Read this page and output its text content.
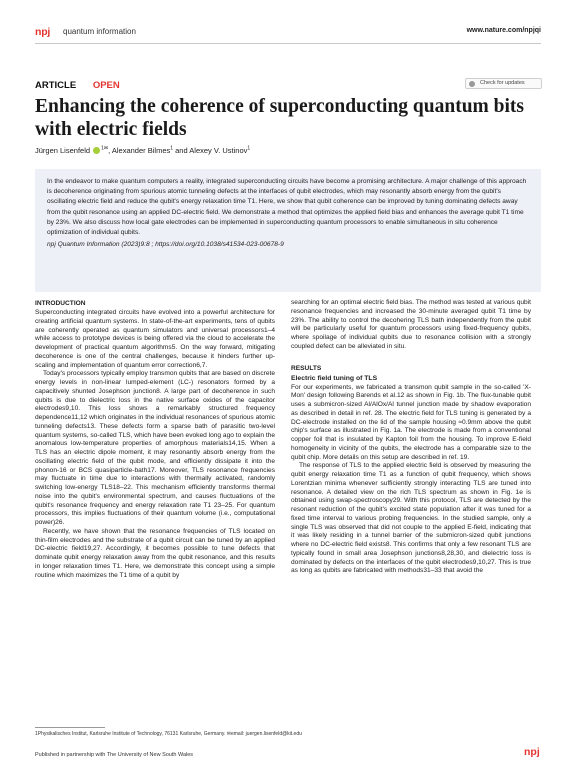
npj quantum information	www.nature.com/npjqi
ARTICLE OPEN	Check for updates
Enhancing the coherence of superconducting quantum bits with electric fields
Jürgen Lisenfeld $^{1✉}$, Alexander Bilmes$^1$ and Alexey V. Ustinov$^1$

In the endeavor to make quantum computers a reality, integrated superconducting circuits have become a promising architecture. A major challenge of this approach is decoherence originating from spurious atomic tunneling defects at the interfaces of qubit electrodes, which may resonantly absorb energy from the qubit's oscillating electric field and reduce the qubit's energy relaxation time T1. Here, we show that qubit coherence can be improved by tuning dominating defects away from the qubit resonance using an applied DC-electric field. We demonstrate a method that optimizes the applied field bias and enhances the average qubit T1 time by 23%. We also discuss how local gate electrodes can be implemented in superconducting quantum processors to enable simultaneous in situ coherence optimization of individual qubits.

npj Quantum Information (2023)9:8 ; https://doi.org/10.1038/s41534-023-00678-9

INTRODUCTION

Superconducting integrated circuits have evolved into a powerful architecture for creating artificial quantum systems. In state-of-the-art experiments, tens of qubits are coherently operated as quantum simulators and universal processors1–4 while access to prototype devices is being offered via the cloud to accelerate the development of practical quantum algorithms5. On the way forward, mitigating decoherence is one of the central challenges, because it hinders further up-scaling and implementation of quantum error correction6,7.

Today's processors typically employ transmon qubits that are based on discrete energy levels in non-linear lumped-element (LC-) resonators formed by a capacitively shunted Josephson junction8. A large part of decoherence in such qubits is due to dielectric loss in the native surface oxides of the capacitor electrodes9,10. This loss shows a remarkably structured frequency dependence11,12 which originates in the individual resonances of spurious atomic tunneling defects13. These defects form a sparse bath of parasitic two-level quantum systems, so-called TLS, which have been evoked long ago to explain the anomalous low-temperature properties of amorphous materials14,15. When a TLS has an electric dipole moment, it may resonantly absorb energy from the oscillating electric field of the qubit mode, and efficiently dissipate it into the phonon-16 or BCS quasiparticle-bath17. Moreover, TLS resonance frequencies may fluctuate in time due to interactions with thermally activated, randomly switching low-energy TLS18–22. This mechanism efficiently transforms thermal noise into the qubit's environmental spectrum, and causes fluctuations of the qubit's resonance frequency and energy relaxation rate T1 23–25. For quantum processors, this implies fluctuations of their quantum volume (i.e., computational power)26.

Recently, we have shown that the resonance frequencies of TLS located on thin-film electrodes and the substrate of a qubit circuit can be tuned by an applied DC-electric field19,27. Accordingly, it becomes possible to tune defects that dominate qubit energy relaxation away from the qubit resonance, and this results in longer relaxation times T1. Here, we demonstrate this concept using a simple routine which maximizes the T1 time of a qubit by

searching for an optimal electric field bias. The method was tested at various qubit resonance frequencies and increased the 30-minute averaged qubit T1 time by 23%. The ability to control the decohering TLS bath independently from the qubit will be particularly useful for quantum processors using fixed-frequency qubits, where spoilage of individual qubits due to resonance collision with a strongly coupled defect can be alleviated in situ.

RESULTS
Electric field tuning of TLS

For our experiments, we fabricated a transmon qubit sample in the so-called 'X-Mon' design following Barends et al.12 as shown in Fig. 1b. The flux-tunable qubit uses a submicron-sized Al/AlOx/Al tunnel junction made by shadow evaporation as described in detail in ref. 28. The electric field for TLS tuning is generated by a DC-electrode installed on the lid of the sample housing ≈0.9mm above the qubit chip's surface as illustrated in Fig. 1a. The electrode is made from a conventional copper foil that is insulated by Kapton foil from the housing. To improve E-field homogeneity in vicinity of the qubits, the electrode has a comparable size to the qubit chip. More details on this setup are described in ref. 19.

The response of TLS to the applied electric field is observed by measuring the qubit energy relaxation time T1 as a function of qubit frequency, which shows Lorentzian minima whenever sufficiently strongly interacting TLS are tuned into resonance. A detailed view on the rich TLS spectrum as shown in Fig. 1e is obtained using swap-spectroscopy29. With this protocol, TLS are detected by the resonant reduction of the qubit's excited state population after it was tuned for a fixed time interval to various probing frequencies. In the studied sample, only a single TLS was observed that did not couple to the applied E-field, indicating that it was likely residing in a tunnel barrier of the submicron-sized qubit junctions where no DC-electric field exists8. This confirms that only a few resonant TLS are typically found in small area Josephson junctions8,28,30, and dielectric loss is dominated by defects on the interfaces of the qubit electrodes9,10,27. This is true as long as qubits are fabricated with methods31–33 that avoid the

1Physikalisches Institut, Karlsruhe Institute of Technology, 76131 Karlsruhe, Germany. ✉email: juergen.lisenfeld@kit.edu
Published in partnership with The University of New South Wales	npj
